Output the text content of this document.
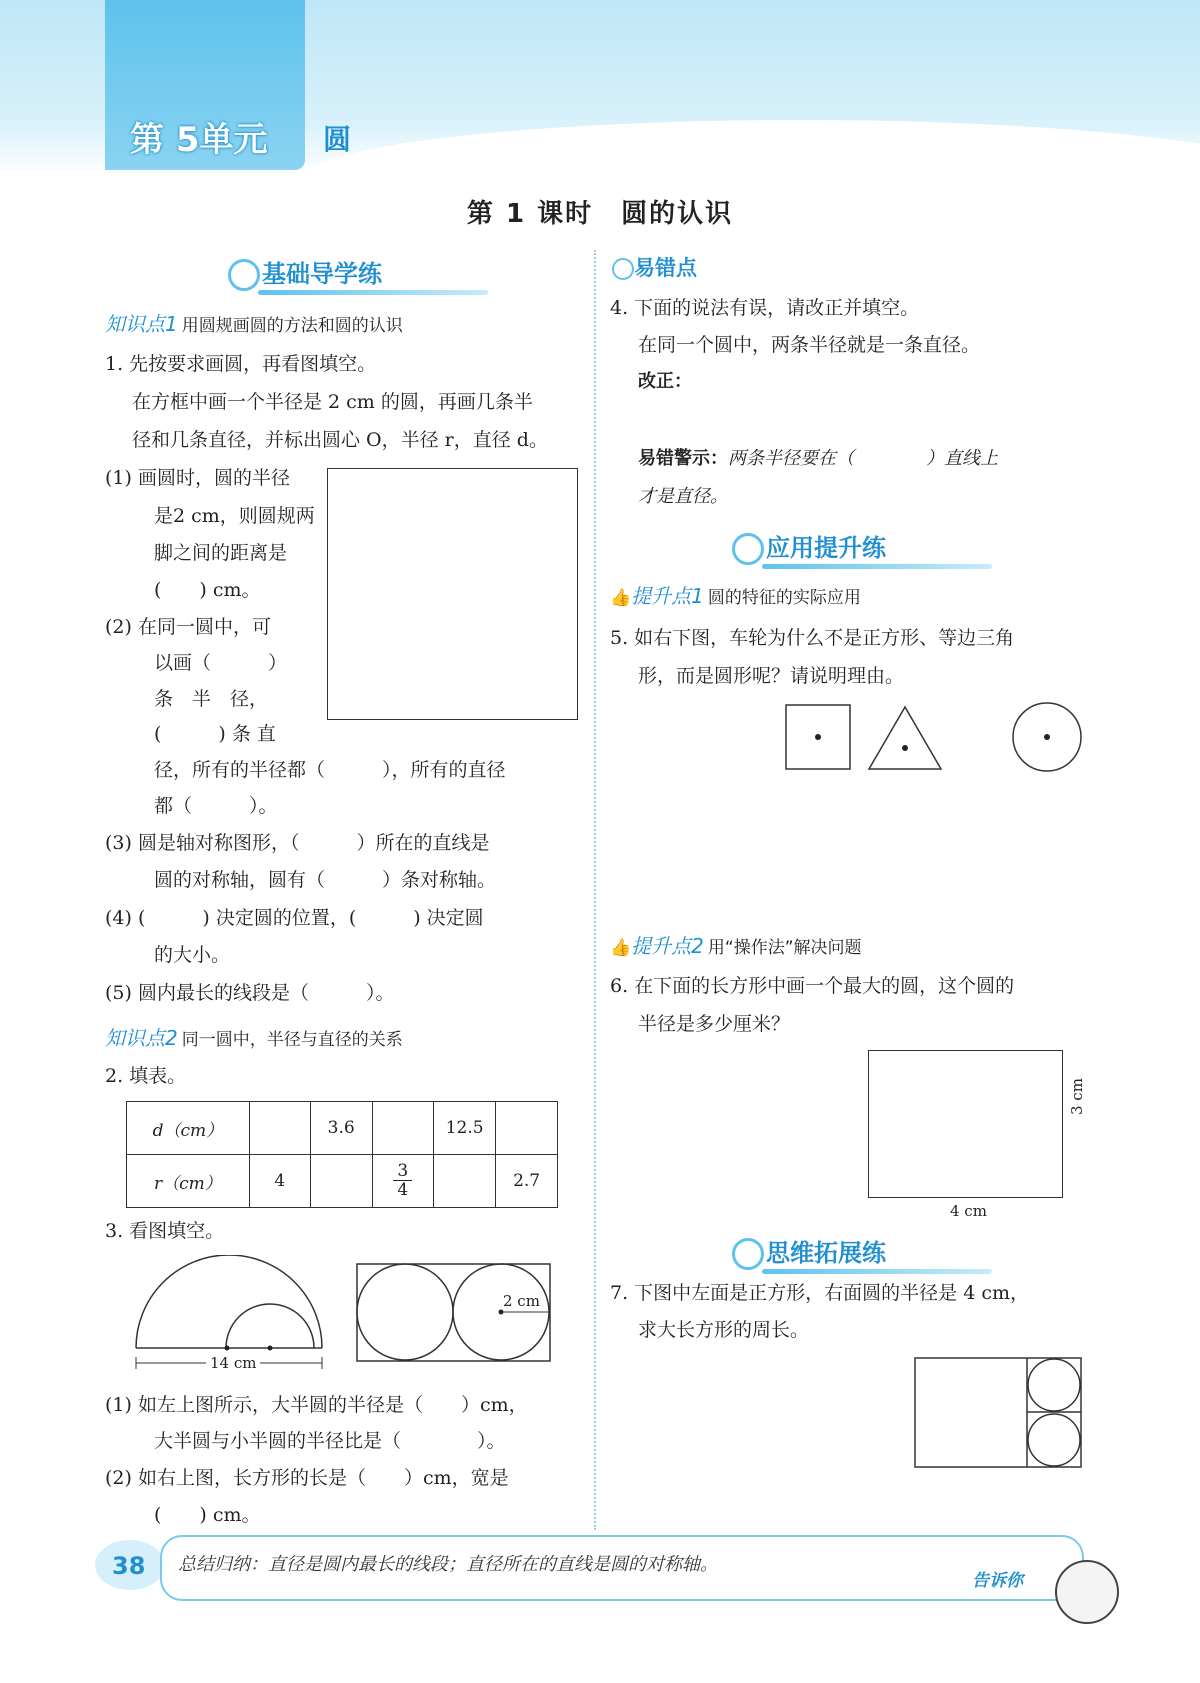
第 5单元 圆
第 1 课时　圆的认识
基础导学练
知识点1 用圆规画圆的方法和圆的认识
1. 先按要求画圆，再看图填空。
在方框中画一个半径是 2 cm 的圆，再画几条半
径和几条直径，并标出圆心 O，半径 r，直径 d。
(1) 画圆时，圆的半径
是2 cm，则圆规两
脚之间的距离是
(　　) cm。
(2) 在同一圆中，可
以画（　　　）
条　半　径，
(　　　) 条 直
径，所有的半径都（　　　），所有的直径
都（　　　）。
(3) 圆是轴对称图形，（　　　）所在的直线是
圆的对称轴，圆有（　　　）条对称轴。
(4) (　　　) 决定圆的位置，(　　　) 决定圆
的大小。
(5) 圆内最长的线段是（　　　）。
知识点2 同一圆中，半径与直径的关系
2. 填表。
d（cm）		3.6		12.5	
r（cm）	4		$\frac{3}{4}$		2.7
3. 看图填空。
14 cm
2 cm
(1) 如左上图所示，大半圆的半径是（　　）cm，
大半圆与小半圆的半径比是（　　　　）。
(2) 如右上图，长方形的长是（　　）cm，宽是
(　　) cm。
易错点
4. 下面的说法有误，请改正并填空。
在同一个圆中，两条半径就是一条直径。
改正：
易错警示：两条半径要在（　　　　）直线上
才是直径。
应用提升练
👍提升点1 圆的特征的实际应用
5. 如右下图，车轮为什么不是正方形、等边三角
形，而是圆形呢？请说明理由。
👍提升点2 用“操作法”解决问题
6. 在下面的长方形中画一个最大的圆，这个圆的
半径是多少厘米？
4 cm
3 cm
思维拓展练
7. 下图中左面是正方形，右面圆的半径是 4 cm，
求大长方形的周长。
38 总结归纳：直径是圆内最长的线段；直径所在的直线是圆的对称轴。
告诉你
